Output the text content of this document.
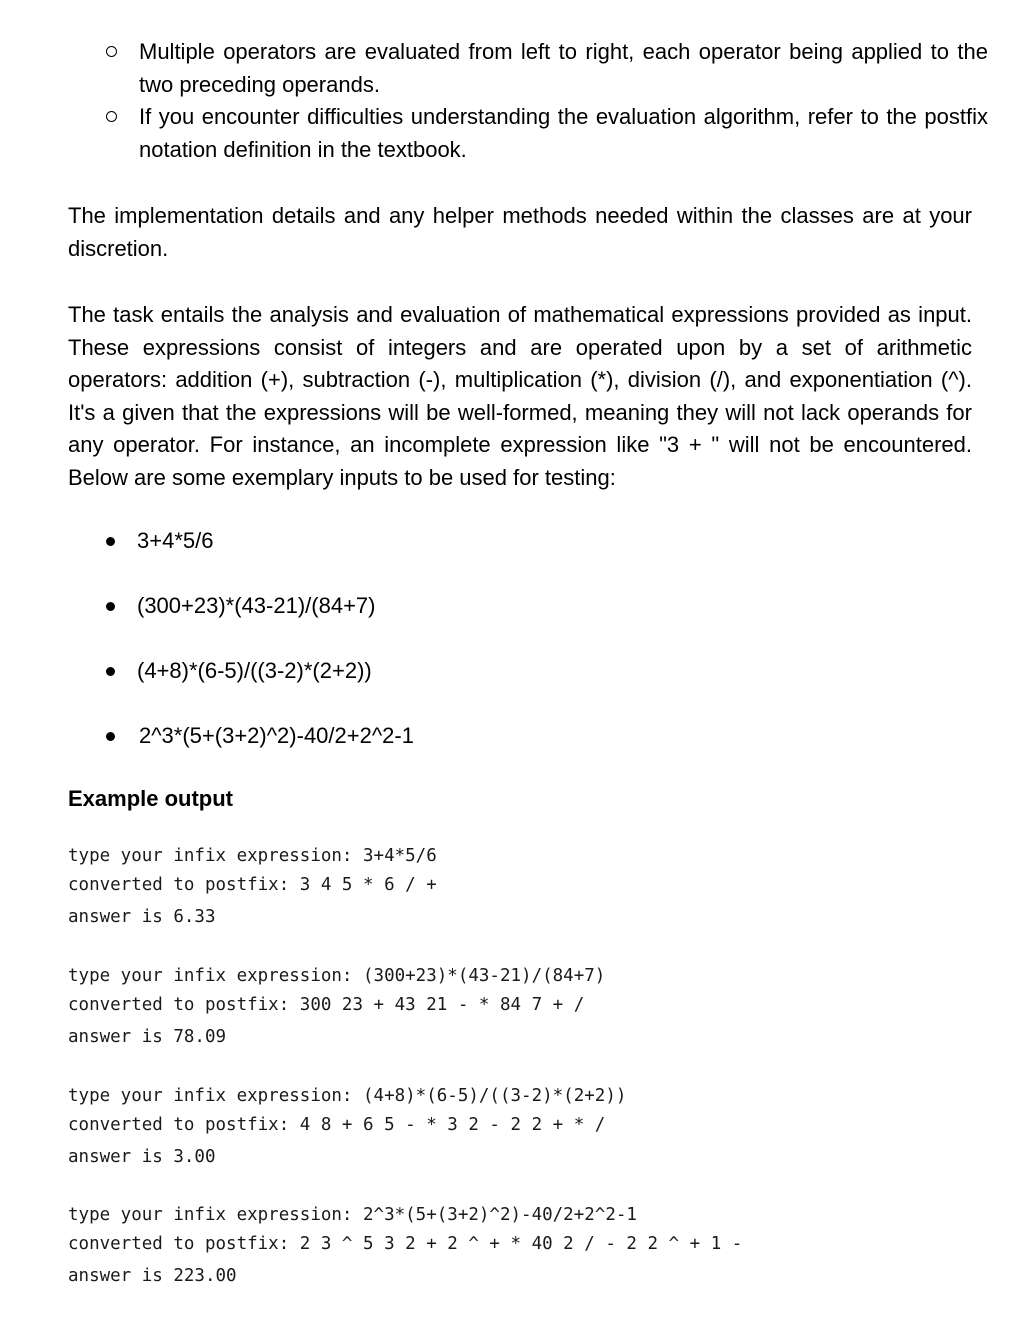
Multiple operators are evaluated from left to right, each operator being applied to the two preceding operands.
If you encounter difficulties understanding the evaluation algorithm, refer to the postfix notation definition in the textbook.

The implementation details and any helper methods needed within the classes are at your discretion.

The task entails the analysis and evaluation of mathematical expressions provided as input. These expressions consist of integers and are operated upon by a set of arithmetic operators: addition (+), subtraction (-), multiplication (*), division (/), and exponentiation (^). It's a given that the expressions will be well-formed, meaning they will not lack operands for any operator. For instance, an incomplete expression like "3 + " will not be encountered. Below are some exemplary inputs to be used for testing:

3+4*5/6
(300+23)*(43-21)/(84+7)
(4+8)*(6-5)/((3-2)*(2+2))
2^3*(5+(3+2)^2)-40/2+2^2-1
Example output
type your infix expression: 3+4*5/6
converted to postfix: 3 4 5 * 6 / +
answer is 6.33
type your infix expression: (300+23)*(43-21)/(84+7)
converted to postfix: 300 23 + 43 21 - * 84 7 + /
answer is 78.09
type your infix expression: (4+8)*(6-5)/((3-2)*(2+2))
converted to postfix: 4 8 + 6 5 - * 3 2 - 2 2 + * /
answer is 3.00
type your infix expression: 2^3*(5+(3+2)^2)-40/2+2^2-1
converted to postfix: 2 3 ^ 5 3 2 + 2 ^ + * 40 2 / - 2 2 ^ + 1 -
answer is 223.00
